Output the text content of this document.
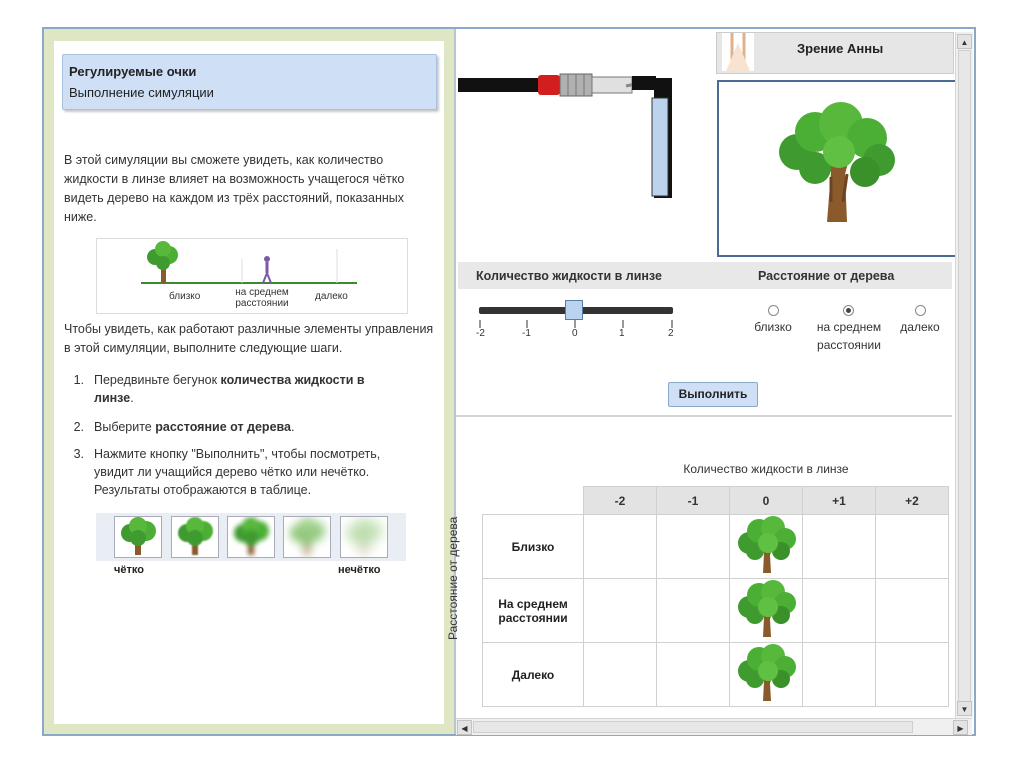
Регулируемые очки
Выполнение симуляции
В этой симуляции вы сможете увидеть, как количество жидкости в линзе влияет на возможность учащегося чётко видеть дерево на каждом из трёх расстояний, показанных ниже.
близко	на среднем расстоянии
далеко
Чтобы увидеть, как работают различные элементы управления в этой симуляции, выполните следующие шаги.
1. Передвиньте бегунок количества жидкости в линзе.
2. Выберите расстояние от дерева.
3. Нажмите кнопку "Выполнить", чтобы посмотреть, увидит ли учащийся дерево чётко или нечётко. Результаты отображаются в таблице.
чётко	нечётко
Зрение Анны
Количество жидкости в линзе	Расстояние от дерева
-2	-1	0	1	2	близко	на среднем расстоянии
далеко
Выполнить
Количество жидкости в линзе
Расстояние от дерева
	-2	-1	0	+1	+2
Близко					
На среднем расстоянии					
Далеко					
▲
▼
◀	▶
